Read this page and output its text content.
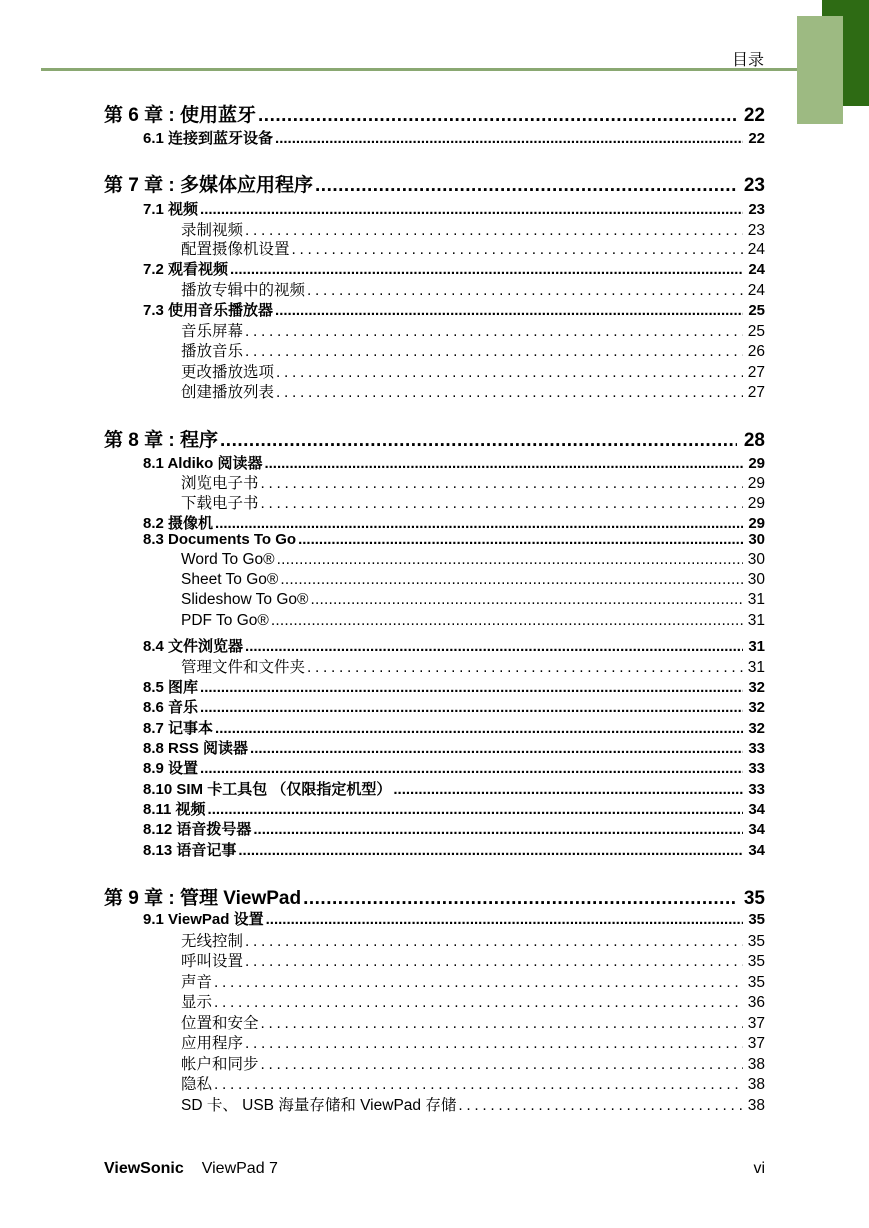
目录
第 6 章 : 使用蓝牙 .....	22
6.1 连接到蓝牙设备 .....	22
第 7 章 : 多媒体应用程序 .....	23
7.1 视频 .....	23
录制视频 .....	23
配置摄像机设置 .....	24
7.2 观看视频 .....	24
播放专辑中的视频 .....	24
7.3 使用音乐播放器 .....	25
音乐屏幕 .....	25
播放音乐 .....	26
更改播放选项 .....	27
创建播放列表 .....	27
第 8 章 : 程序 .....	28
8.1 Aldiko 阅读器 .....	29
浏览电子书 .....	29
下载电子书 .....	29
8.2 摄像机 .....	29
8.3 Documents To Go .....	30
Word To Go® .....	30
Sheet To Go® .....	30
Slideshow To Go® .....	31
PDF To Go® .....	31
8.4 文件浏览器 .....	31
管理文件和文件夹 .....	31
8.5 图库 .....	32
8.6 音乐 .....	32
8.7 记事本 .....	32
8.8 RSS 阅读器 .....	33
8.9 设置 .....	33
8.10 SIM 卡工具包 （仅限指定机型） .....	33
8.11 视频 .....	34
8.12 语音拨号器 .....	34
8.13 语音记事 .....	34
第 9 章 : 管理 ViewPad .....	35
9.1 ViewPad 设置 .....	35
无线控制 .....	35
呼叫设置 .....	35
声音 .....	35
显示 .....	36
位置和安全 .....	37
应用程序 .....	37
帐户和同步 .....	38
隐私 .....	38
SD 卡、 USB 海量存储和 ViewPad 存储 .....	38
ViewSonic ViewPad 7	vi
